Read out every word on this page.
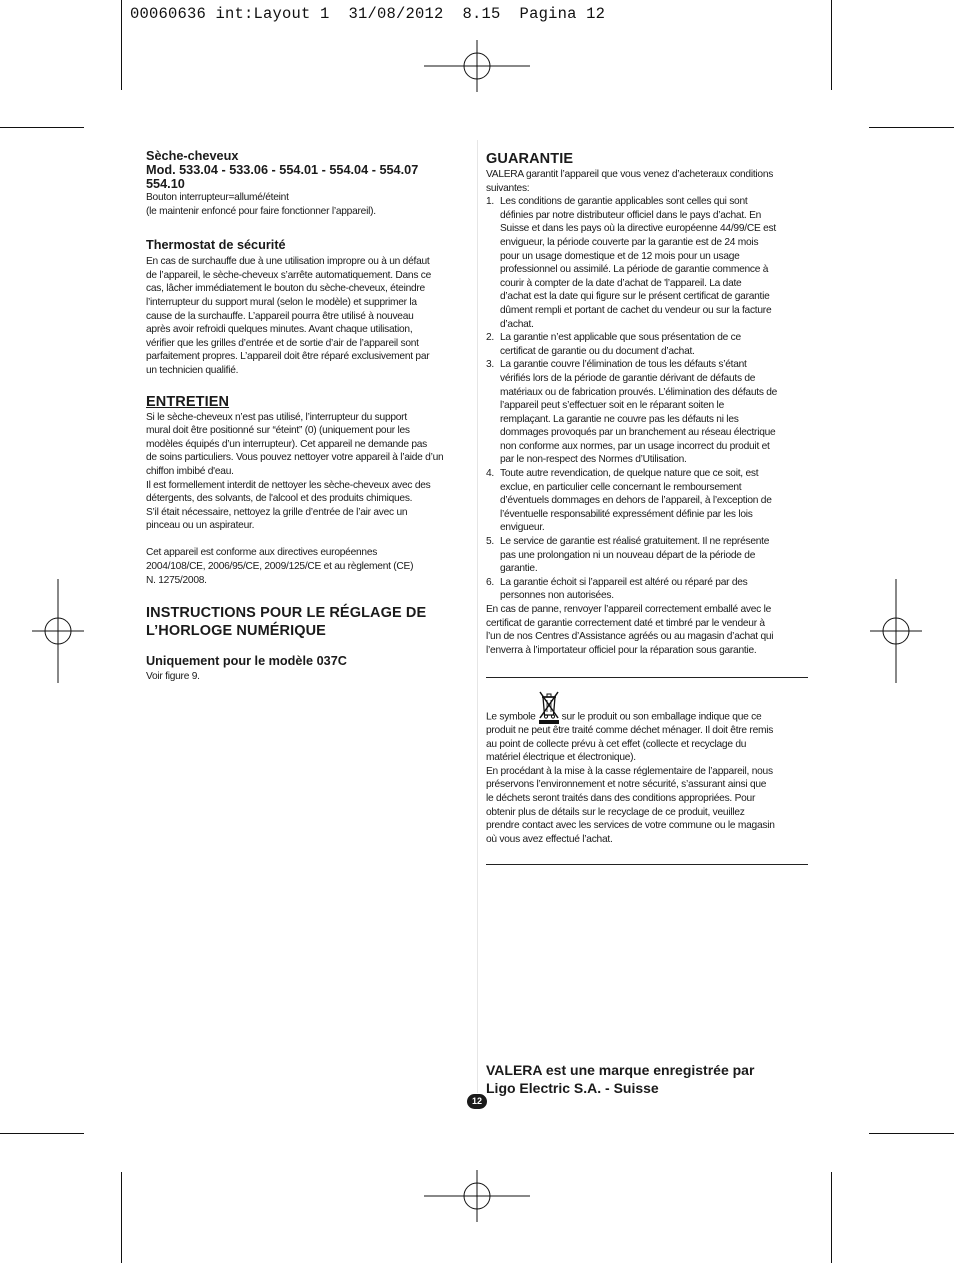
00060636 int:Layout 1  31/08/2012  8.15  Pagina 12
Sèche-cheveux
Mod. 533.04 - 533.06 - 554.01 - 554.04 - 554.07
554.10
Bouton interrupteur=allumé/éteint
(le maintenir enfoncé pour faire fonctionner l’appareil).
Thermostat de sécurité
En cas de surchauffe due à une utilisation impropre ou à un défaut
de l’appareil, le sèche-cheveux s’arrête automatiquement. Dans ce
cas, lâcher immédiatement le bouton du sèche-cheveux, éteindre
l’interrupteur du support mural (selon le modèle) et supprimer la
cause de la surchauffe. L’appareil pourra être utilisé à nouveau
après avoir refroidi quelques minutes. Avant chaque utilisation,
vérifier que les grilles d’entrée et de sortie d’air de l’appareil sont
parfaitement propres. L’appareil doit être réparé exclusivement par
un technicien qualifié.
ENTRETIEN
Si le sèche-cheveux n’est pas utilisé, l’interrupteur du support
mural doit être positionné sur “éteint” (0) (uniquement pour les
modèles équipés d’un interrupteur). Cet appareil ne demande pas
de soins particuliers. Vous pouvez nettoyer votre appareil à l’aide d’un
chiffon imbibé d'eau.
Il est formellement interdit de nettoyer les sèche-cheveux avec des
détergents, des solvants, de l'alcool et des produits chimiques.
S’il était nécessaire, nettoyez la grille d’entrée de l’air avec un
pinceau ou un aspirateur.
Cet appareil est conforme aux directives européennes
2004/108/CE, 2006/95/CE, 2009/125/CE et au règlement (CE)
N. 1275/2008.
INSTRUCTIONS POUR LE RÉGLAGE DE
L’HORLOGE NUMÉRIQUE
Uniquement pour le modèle 037C
Voir figure 9.
GUARANTIE
VALERA garantit l’appareil que vous venez d’acheteraux conditions
suivantes:
1. Les conditions de garantie applicables sont celles qui sont
définies par notre distributeur officiel dans le pays d’achat. En
Suisse et dans les pays où la directive européenne 44/99/CE est
envigueur, la période couverte par la garantie est de 24 mois
pour un usage domestique et de 12 mois pour un usage
professionnel ou assimilé. La période de garantie commence à
courir à compter de la date d’achat de 'l’appareil. La date
d’achat est la date qui figure sur le présent certificat de garantie
dûment rempli et portant de cachet du vendeur ou sur la facture
d’achat.
2. La garantie n’est applicable que sous présentation de ce
certificat de garantie ou du document d’achat.
3. La garantie couvre l’élimination de tous les défauts s’étant
vérifiés lors de la période de garantie dérivant de défauts de
matériaux ou de fabrication prouvés. L’élimination des défauts de
l’appareil peut s’effectuer soit en le réparant soiten le
remplaçant. La garantie ne couvre pas les défauts ni les
dommages provoqués par un branchement au réseau électrique
non conforme aux normes, par un usage incorrect du produit et
par le non-respect des Normes d’Utilisation.
4. Toute autre revendication, de quelque nature que ce soit, est
exclue, en particulier celle concernant le remboursement
d’éventuels dommages en dehors de l’appareil, à l’exception de
l’éventuelle responsabilité expressément définie par les lois
envigueur.
5. Le service de garantie est réalisé gratuitement. Il ne représente
pas une prolongation ni un nouveau départ de la période de
garantie.
6. La garantie échoit si l’appareil est altéré ou réparé par des
personnes non autorisées.
En cas de panne, renvoyer l’appareil correctement emballé avec le
certificat de garantie correctement daté et timbré par le vendeur à
l’un de nos Centres d’Assistance agréés ou au magasin d’achat qui
l’enverra à l’importateur officiel pour la réparation sous garantie.
Le symbole	sur le produit ou son emballage indique que ce
produit ne peut être traité comme déchet ménager. Il doit être remis
au point de collecte prévu à cet effet (collecte et recyclage du
matériel électrique et électronique).
En procédant à la mise à la casse réglementaire de l’appareil, nous
préservons l’environnement et notre sécurité, s’assurant ainsi que
le déchets seront traités dans des conditions appropriées. Pour
obtenir plus de détails sur le recyclage de ce produit, veuillez
prendre contact avec les services de votre commune ou le magasin
où vous avez effectué l’achat.
VALERA est une marque enregistrée par
Ligo Electric S.A. - Suisse
12
